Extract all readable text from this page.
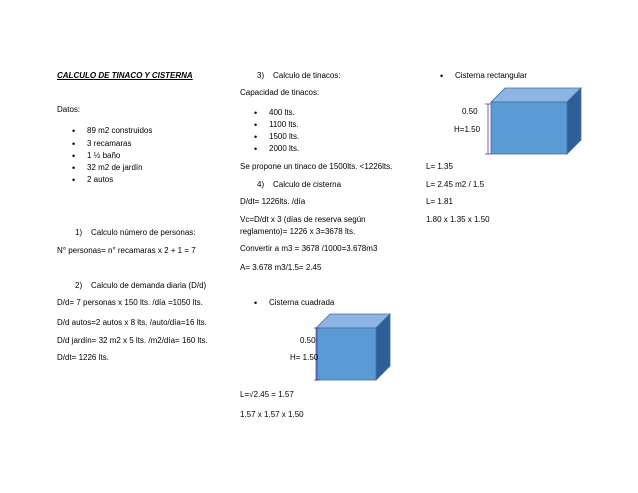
CALCULO DE TINACO Y CISTERNA
Datos:
• 89 m2 construidos
• 3 recamaras
• 1 ½ baño
• 32 m2 de jardín
• 2 autos
1)    Calculo número de personas:
N° personas= n° recamaras x 2 + 1 = 7
2)    Calculo de demanda diaria (D/d)
D/d= 7 personas x 150 lts. /día =1050 lts.
D/d autos=2 autos x 8 lts. /auto/día=16 lts.
D/d jardín= 32 m2 x 5 lts. /m2/día= 160 lts.
D/dt= 1226 lts.
3)    Calculo de tinacos:
Capacidad de tinacos:
• 400 lts.
• 1100 lts.
• 1500 lts.
• 2000 lts.
Se propone un tinaco de 1500lts. <1226lts.
4)    Calculo de cisterna
D/dt= 1226lts. /día
Vc=D/dt x 3 (días de reserva según
reglamento)= 1226 x 3=3678 lts.
Convertir a m3 = 3678 /1000=3.678m3
A= 3.678 m3/1.5= 2.45
• Cisterna cuadrada
0.50
H= 1.50
L=√2.45 = 1.57
1.57 x 1.57 x 1.50
• Cisterna rectangular
0.50
H=1.50
L= 1.35
L= 2.45 m2 / 1.5
L= 1.81
1.80 x 1.35 x 1.50
